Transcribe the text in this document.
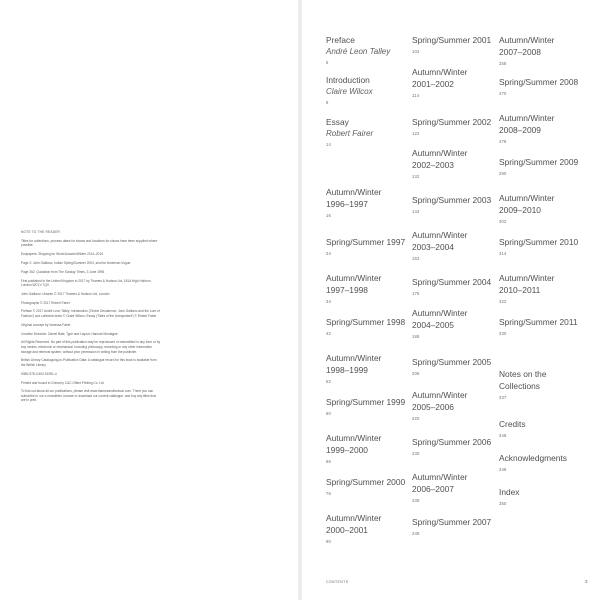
NOTE TO THE READER

Titles for collections, process dates for shows and locations for shows have been supplied where possible.

Endpapers: Shipping for World Autumn/Winter 2014–2015

Page 2: John Galliano, Indian Spring/Summer 2003, shot for American Vogue

Page 352: Quotation from The Sunday Times, 3 June 1996

First published in the United Kingdom in 2017 by Thames & Hudson Ltd, 181A High Holborn, London WC1V 7QX

John Galliano: Unseen © 2017 Thames & Hudson Ltd, London

Photographs © 2017 Robert Fairer

Preface © 2017 André Leon Talley; Introduction ('Divine Decadence: John Galliano and the Lure of Fashion') and collection texts © Claire Wilcox; Essay ('Tales of the Unexpected') © Robert Fairer

Original concept by Vanessa Fairer

Creative Direction: Daniel Bale; Type and Layout: Hannah Montague

All Rights Reserved. No part of this publication may be reproduced or transmitted in any form or by any means, electronic or mechanical, including photocopy, recording or any other information storage and retrieval system, without prior permission in writing from the publisher.

British Library Cataloguing-in-Publication Data: A catalogue record for this book is available from the British Library

ISBN 978-0-500-51951-4

Printed and bound in China by C&C Offset Printing Co. Ltd

To find out about all our publications, please visit www.thamesandhudson.com. There you can subscribe to our e-newsletter, browse or download our current catalogue, and buy any titles that are in print.

Preface
André Leon Talley
5
Introduction
Claire Wilcox
8
Essay
Robert Fairer
14
Autumn/Winter
1996–1997
16
Spring/Summer 1997
24
Autumn/Winter
1997–1998
34
Spring/Summer 1998
42
Autumn/Winter
1998–1999
52
Spring/Summer 1999
60
Autumn/Winter
1999–2000
66
Spring/Summer 2000
76
Autumn/Winter
2000–2001
90
Spring/Summer 2001
102
Autumn/Winter
2001–2002
114
Spring/Summer 2002
122
Autumn/Winter
2002–2003
132
Spring/Summer 2003
144
Autumn/Winter
2003–2004
162
Spring/Summer 2004
176
Autumn/Winter
2004–2005
188
Spring/Summer 2005
206
Autumn/Winter
2005–2006
220
Spring/Summer 2006
230
Autumn/Winter
2006–2007
238
Spring/Summer 2007
248
Autumn/Winter
2007–2008
258
Spring/Summer 2008
270
Autumn/Winter
2008–2009
278
Spring/Summer 2009
290
Autumn/Winter
2009–2010
302
Spring/Summer 2010
314
Autumn/Winter
2010–2011
322
Spring/Summer 2011
330
Notes on the
Collections
337
Credits
348
Acknowledgments
348
Index
350
CONTENTS	3
